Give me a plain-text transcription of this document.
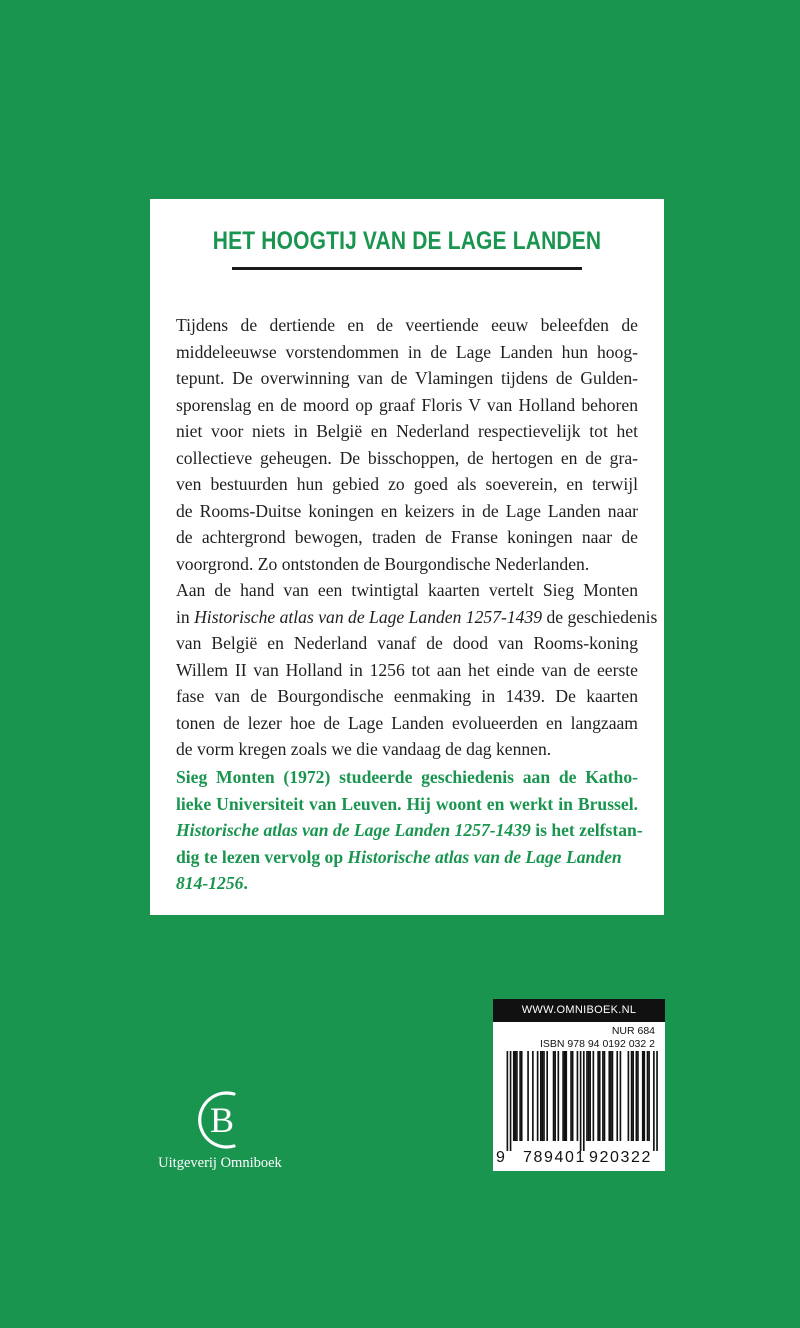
HET HOOGTIJ VAN DE LAGE LANDEN
Tijdens de dertiende en de veertiende eeuw beleefden de
middeleeuwse vorstendommen in de Lage Landen hun hoog-
tepunt. De overwinning van de Vlamingen tijdens de Gulden-
sporenslag en de moord op graaf Floris V van Holland behoren
niet voor niets in België en Nederland respectievelijk tot het
collectieve geheugen. De bisschoppen, de hertogen en de gra-
ven bestuurden hun gebied zo goed als soeverein, en terwijl
de Rooms-Duitse koningen en keizers in de Lage Landen naar
de achtergrond bewogen, traden de Franse koningen naar de
voorgrond. Zo ontstonden de Bourgondische Nederlanden.
Aan de hand van een twintigtal kaarten vertelt Sieg Monten
in Historische atlas van de Lage Landen 1257-1439 de geschiedenis
van België en Nederland vanaf de dood van Rooms-koning
Willem II van Holland in 1256 tot aan het einde van de eerste
fase van de Bourgondische eenmaking in 1439. De kaarten
tonen de lezer hoe de Lage Landen evolueerden en langzaam
de vorm kregen zoals we die vandaag de dag kennen.
Sieg Monten (1972) studeerde geschiedenis aan de Katho-
lieke Universiteit van Leuven. Hij woont en werkt in Brussel.
Historische atlas van de Lage Landen 1257-1439 is het zelfstan-
dig te lezen vervolg op Historische atlas van de Lage Landen
814-1256.
B
Uitgeverij Omniboek
WWW.OMNIBOEK.NL
NUR 684
ISBN 978 94 0192 032 2
9 789401 920322
